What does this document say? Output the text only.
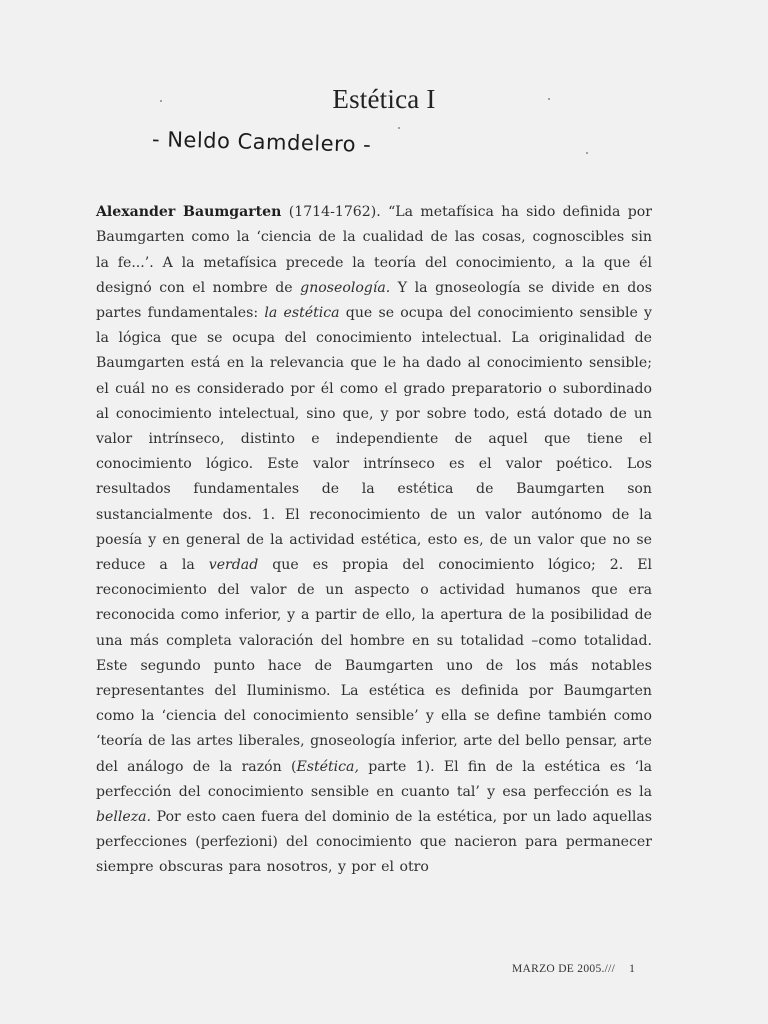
Estética I
- Neldo Camdelero -

Alexander Baumgarten (1714-1762). “La metafísica ha sido definida por Baumgarten como la ‘ciencia de la cualidad de las cosas, cognoscibles sin la fe...’. A la metafísica precede la teoría del conocimiento, a la que él designó con el nombre de gnoseología. Y la gnoseología se divide en dos partes fundamentales: la estética que se ocupa del conocimiento sensible y la lógica que se ocupa del conocimiento intelectual. La originalidad de Baumgarten está en la relevancia que le ha dado al conocimiento sensible; el cuál no es considerado por él como el grado preparatorio o subordinado al conocimiento intelectual, sino que, y por sobre todo, está dotado de un valor intrínseco, distinto e independiente de aquel que tiene el conocimiento lógico. Este valor intrínseco es el valor poético. Los resultados fundamentales de la estética de Baumgarten son sustancialmente dos. 1. El reconocimiento de un valor autónomo de la poesía y en general de la actividad estética, esto es, de un valor que no se reduce a la verdad que es propia del conocimiento lógico; 2. El reconocimiento del valor de un aspecto o actividad humanos que era reconocida como inferior, y a partir de ello, la apertura de la posibilidad de una más completa valoración del hombre en su totalidad –como totalidad. Este segundo punto hace de Baumgarten uno de los más notables representantes del Iluminismo. La estética es definida por Baumgarten como la ‘ciencia del conocimiento sensible’ y ella se define también como ‘teoría de las artes liberales, gnoseología inferior, arte del bello pensar, arte del análogo de la razón (Estética, parte 1). El fin de la estética es ‘la perfección del conocimiento sensible en cuanto tal’ y esa perfección es la belleza. Por esto caen fuera del dominio de la estética, por un lado aquellas perfecciones (perfezioni) del conocimiento que nacieron para permanecer siempre obscuras para nosotros, y por el otro

MARZO DE 2005./// 1
